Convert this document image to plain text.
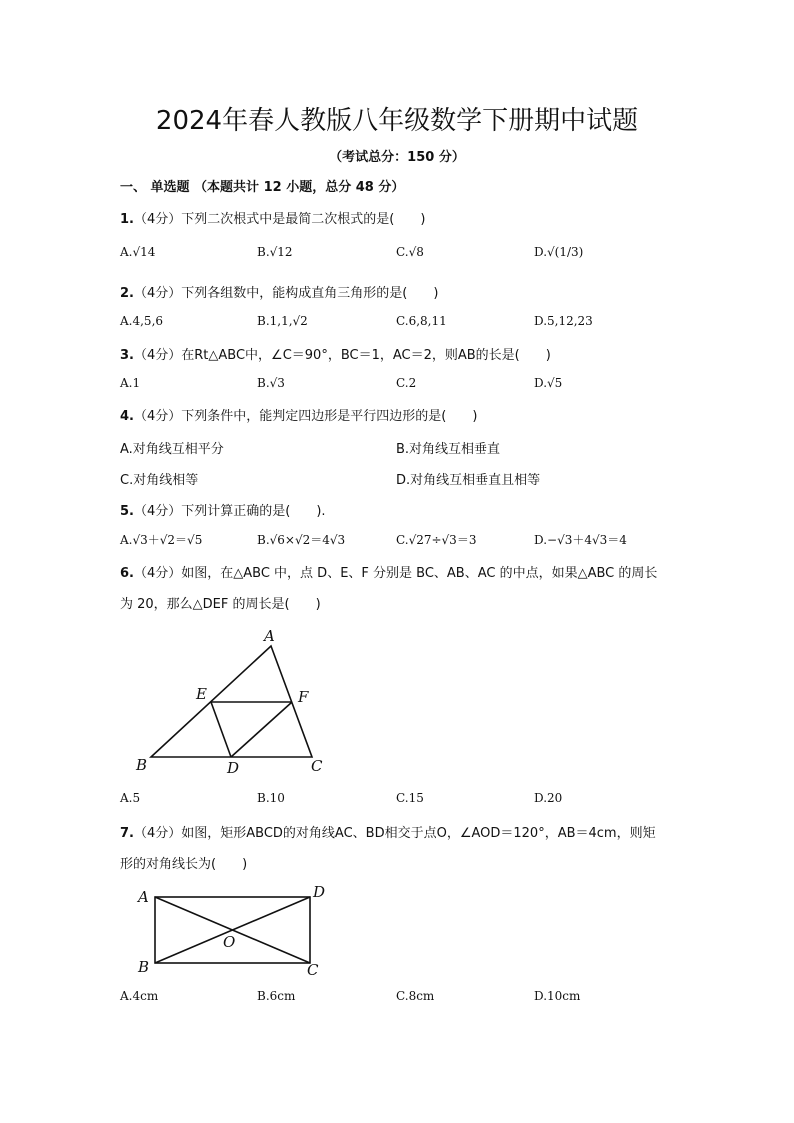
2024年春人教版八年级数学下册期中试题
（考试总分：150 分）
一、 单选题 （本题共计 12 小题，总分 48 分）
1.（4分）下列二次根式中是最简二次根式的是(　　)
A.√14	B.√12	C.√8	D.√(1/3)
2.（4分）下列各组数中，能构成直角三角形的是(　　)
A.4,5,6	B.1,1,√2	C.6,8,11	D.5,12,23
3.（4分）在Rt△ABC中，∠C＝90°，BC＝1，AC＝2，则AB的长是(　　)
A.1	B.√3	C.2	D.√5
4.（4分）下列条件中，能判定四边形是平行四边形的是(　　)
A.对角线互相平分	B.对角线互相垂直
C.对角线相等	D.对角线互相垂直且相等
5.（4分）下列计算正确的是(　　).
A.√3＋√2＝√5	B.√6×√2＝4√3	C.√27÷√3＝3	D.−√3＋4√3＝4
6.（4分）如图，在△ABC 中，点 D、E、F 分别是 BC、AB、AC 的中点，如果△ABC 的周长
为 20，那么△DEF 的周长是(　　)
A
E	F
B	D	C
A.5	B.10	C.15	D.20
7.（4分）如图，矩形ABCD的对角线AC、BD相交于点O，∠AOD＝120°，AB＝4cm，则矩
形的对角线长为(　　)
A	D
O
B	C
A.4cm	B.6cm	C.8cm	D.10cm
